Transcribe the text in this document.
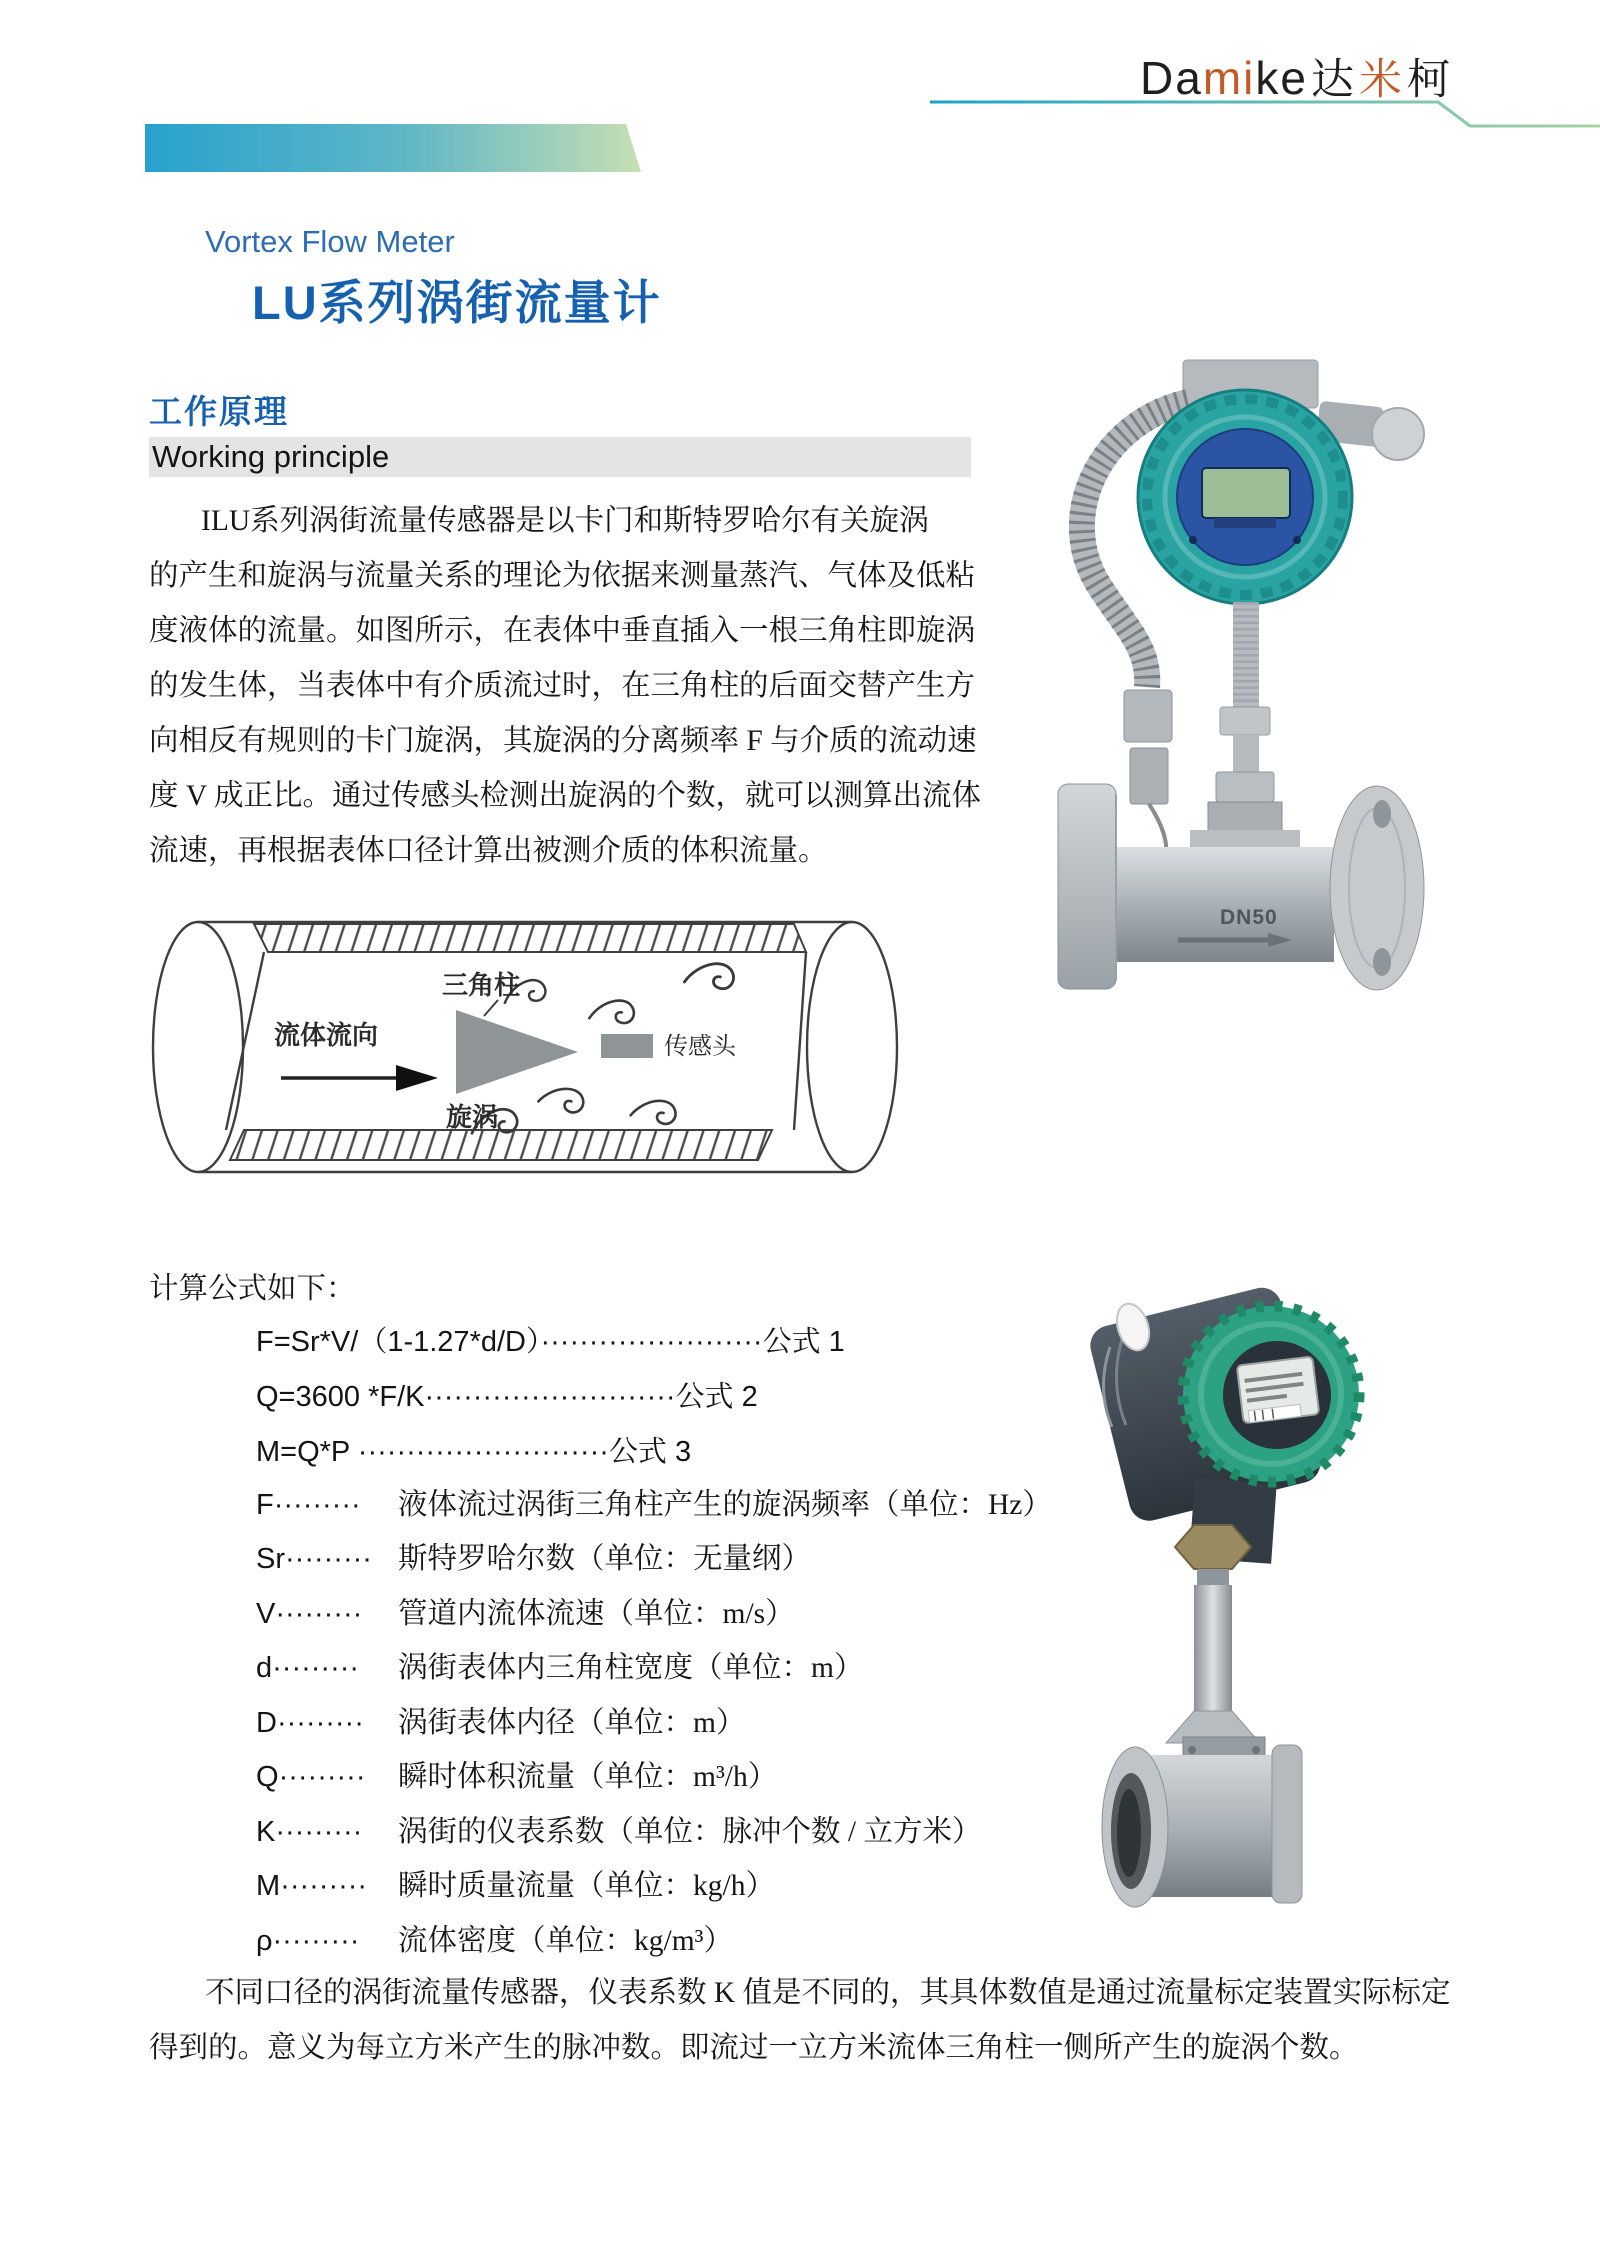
Damike达米柯
Vortex Flow Meter
LU系列涡街流量计
工作原理
Working principle
ILU系列涡街流量传感器是以卡门和斯特罗哈尔有关旋涡
的产生和旋涡与流量关系的理论为依据来测量蒸汽、气体及低粘
度液体的流量。如图所示，在表体中垂直插入一根三角柱即旋涡
的发生体，当表体中有介质流过时，在三角柱的后面交替产生方
向相反有规则的卡门旋涡，其旋涡的分离频率 F 与介质的流动速
度 V 成正比。通过传感头检测出旋涡的个数，就可以测算出流体
流速，再根据表体口径计算出被测介质的体积流量。
三角柱
流体流向	传感头
旋涡
DN50
计算公式如下：
F=Sr*V/（1-1.27*d/D）·······················公式 1
Q=3600 *F/K··························公式 2
M=Q*P ··························公式 3
F·········	液体流过涡街三角柱产生的旋涡频率（单位：Hz）
Sr········· 斯特罗哈尔数（单位：无量纲）
V·········	管道内流体流速（单位：m/s）
d·········	涡街表体内三角柱宽度（单位：m）
D·········	涡街表体内径（单位：m）
Q·········	瞬时体积流量（单位：m³/h）
K·········	涡街的仪表系数（单位：脉冲个数 / 立方米）
M·········	瞬时质量流量（单位：kg/h）
ρ·········	流体密度（单位：kg/m³）
不同口径的涡街流量传感器，仪表系数 K 值是不同的，其具体数值是通过流量标定装置实际标定
得到的。意义为每立方米产生的脉冲数。即流过一立方米流体三角柱一侧所产生的旋涡个数。
